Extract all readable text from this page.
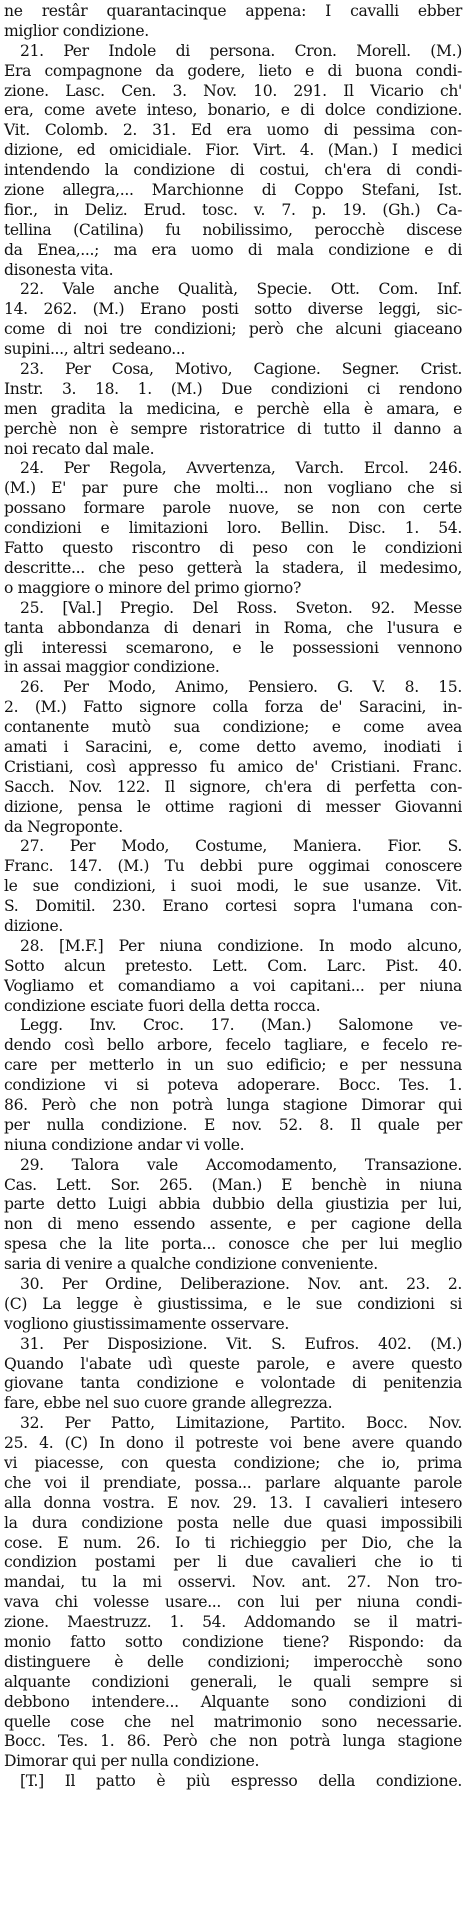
ne restâr quarantacinque appena: I cavalli ebber
miglior condizione.
21. Per Indole di persona. Cron. Morell. (M.)
Era compagnone da godere, lieto e di buona condi-
zione. Lasc. Cen. 3. Nov. 10. 291. Il Vicario ch'
era, come avete inteso, bonario, e di dolce condizione.
Vit. Colomb. 2. 31. Ed era uomo di pessima con-
dizione, ed omicidiale. Fior. Virt. 4. (Man.) I medici
intendendo la condizione di costui, ch'era di condi-
zione allegra,... Marchionne di Coppo Stefani, Ist.
fior., in Deliz. Erud. tosc. v. 7. p. 19. (Gh.) Ca-
tellina (Catilina) fu nobilissimo, perocchè discese
da Enea,...; ma era uomo di mala condizione e di
disonesta vita.
22. Vale anche Qualità, Specie. Ott. Com. Inf.
14. 262. (M.) Erano posti sotto diverse leggi, sic-
come di noi tre condizioni; però che alcuni giaceano
supini..., altri sedeano...
23. Per Cosa, Motivo, Cagione. Segner. Crist.
Instr. 3. 18. 1. (M.) Due condizioni ci rendono
men gradita la medicina, e perchè ella è amara, e
perchè non è sempre ristoratrice di tutto il danno a
noi recato dal male.
24. Per Regola, Avvertenza, Varch. Ercol. 246.
(M.) E' par pure che molti... non vogliano che si
possano formare parole nuove, se non con certe
condizioni e limitazioni loro. Bellin. Disc. 1. 54.
Fatto questo riscontro di peso con le condizioni
descritte... che peso getterà la stadera, il medesimo,
o maggiore o minore del primo giorno?
25. [Val.] Pregio. Del Ross. Sveton. 92. Messe
tanta abbondanza di denari in Roma, che l'usura e
gli interessi scemarono, e le possessioni vennono
in assai maggior condizione.
26. Per Modo, Animo, Pensiero. G. V. 8. 15.
2. (M.) Fatto signore colla forza de' Saracini, in-
contanente mutò sua condizione; e come avea
amati i Saracini, e, come detto avemo, inodiati i
Cristiani, così appresso fu amico de' Cristiani. Franc.
Sacch. Nov. 122. Il signore, ch'era di perfetta con-
dizione, pensa le ottime ragioni di messer Giovanni
da Negroponte.
27. Per Modo, Costume, Maniera. Fior. S.
Franc. 147. (M.) Tu debbi pure oggimai conoscere
le sue condizioni, i suoi modi, le sue usanze. Vit.
S. Domitil. 230. Erano cortesi sopra l'umana con-
dizione.
28. [M.F.] Per niuna condizione. In modo alcuno,
Sotto alcun pretesto. Lett. Com. Larc. Pist. 40.
Vogliamo et comandiamo a voi capitani... per niuna
condizione esciate fuori della detta rocca.
Legg. Inv. Croc. 17. (Man.) Salomone ve-
dendo così bello arbore, fecelo tagliare, e fecelo re-
care per metterlo in un suo edificio; e per nessuna
condizione vi si poteva adoperare. Bocc. Tes. 1.
86. Però che non potrà lunga stagione Dimorar qui
per nulla condizione. E nov. 52. 8. Il quale per
niuna condizione andar vi volle.
29. Talora vale Accomodamento, Transazione.
Cas. Lett. Sor. 265. (Man.) E benchè in niuna
parte detto Luigi abbia dubbio della giustizia per lui,
non di meno essendo assente, e per cagione della
spesa che la lite porta... conosce che per lui meglio
saria di venire a qualche condizione conveniente.
30. Per Ordine, Deliberazione. Nov. ant. 23. 2.
(C) La legge è giustissima, e le sue condizioni si
vogliono giustissimamente osservare.
31. Per Disposizione. Vit. S. Eufros. 402. (M.)
Quando l'abate udì queste parole, e avere questo
giovane tanta condizione e volontade di penitenzia
fare, ebbe nel suo cuore grande allegrezza.
32. Per Patto, Limitazione, Partito. Bocc. Nov.
25. 4. (C) In dono il potreste voi bene avere quando
vi piacesse, con questa condizione; che io, prima
che voi il prendiate, possa... parlare alquante parole
alla donna vostra. E nov. 29. 13. I cavalieri intesero
la dura condizione posta nelle due quasi impossibili
cose. E num. 26. Io ti richieggio per Dio, che la
condizion postami per li due cavalieri che io ti
mandai, tu la mi osservi. Nov. ant. 27. Non tro-
vava chi volesse usare... con lui per niuna condi-
zione. Maestruzz. 1. 54. Addomando se il matri-
monio fatto sotto condizione tiene? Rispondo: da
distinguere è delle condizioni; imperocchè sono
alquante condizioni generali, le quali sempre si
debbono intendere... Alquante sono condizioni di
quelle cose che nel matrimonio sono necessarie.
Bocc. Tes. 1. 86. Però che non potrà lunga stagione
Dimorar qui per nulla condizione.
[T.] Il patto è più espresso della condizione.
